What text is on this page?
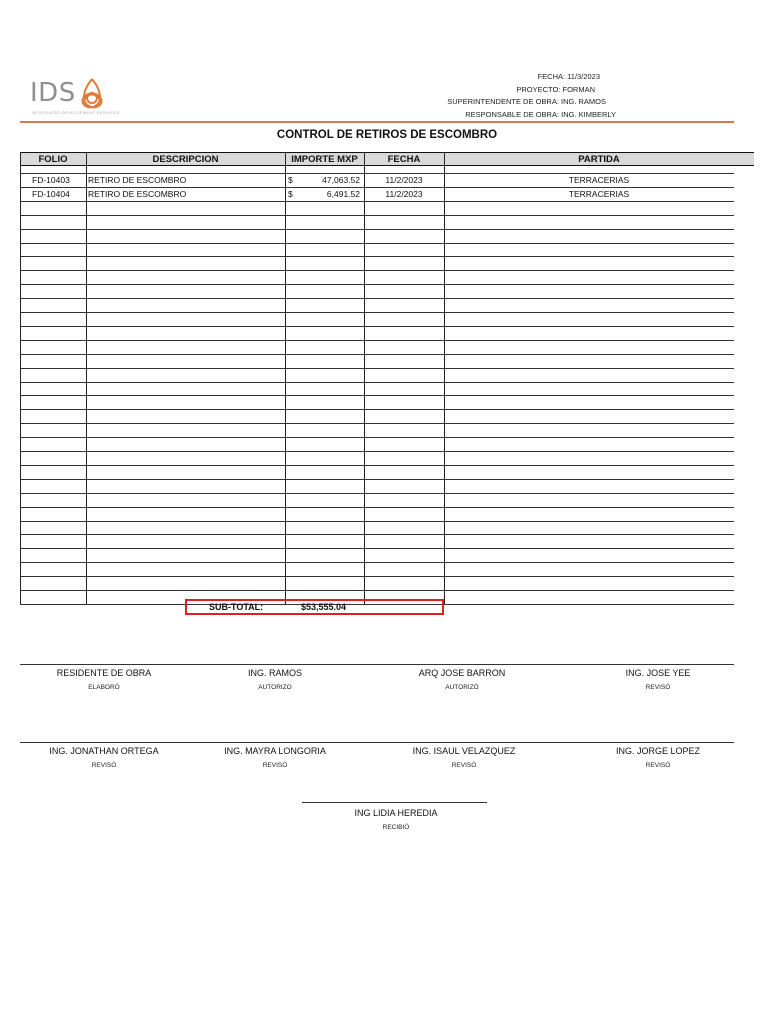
IDS
INTEGRATED DEVELOPMENT SERVICES
FECHA: 11/3/2023
PROYECTO: FORMAN
SUPERINTENDENTE DE OBRA: ING. RAMOS
RESPONSABLE DE OBRA: ING. KIMBERLY
CONTROL DE RETIROS DE ESCOMBRO
FOLIO	DESCRIPCION	IMPORTE MXP	FECHA	PARTIDA
FD-10403 RETIRO DE ESCOMBRO	$	47,063.52	11/2/2023	TERRACERIAS
FD-10404 RETIRO DE ESCOMBRO	$	6,491.52	11/2/2023	TERRACERIAS
SUB-TOTAL:	$53,555.04
RESIDENTE DE OBRA
ELABORÓ
ING. RAMOS
AUTORIZO
ARQ JOSE BARRON
AUTORIZÓ
ING. JOSE YEE
REVISÓ
ING. JONATHAN ORTEGA
REVISÓ
ING. MAYRA LONGORIA
REVISÓ
ING. ISAUL VELAZQUEZ
REVISÓ
ING. JORGE LOPEZ
REVISÓ
ING LIDIA HEREDIA
RECIBIÓ
